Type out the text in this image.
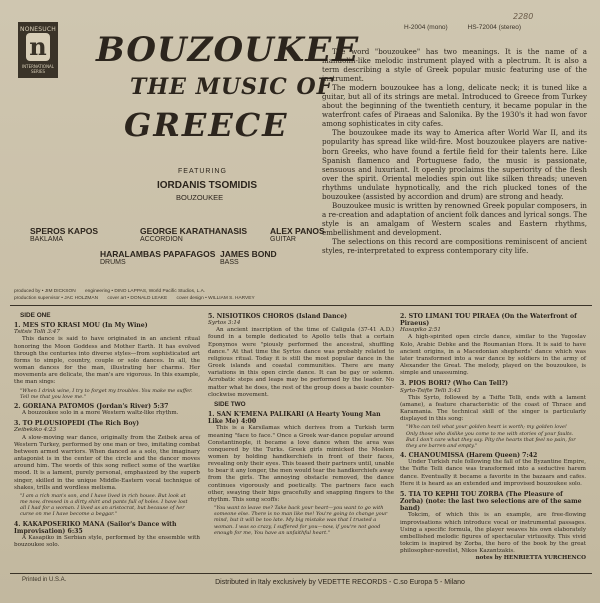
2280
NONESUCH
n
INTERNATIONAL SERIES
H-2004 (mono)	HS-72004 (stereo)
BOUZOUKEE
THE MUSIC OF
GREECE
FEATURING
IORDANIS TSOMIDIS
BOUZOUKEE
SPEROS KAPOS
BAKLAMA
GEORGE KARATHANASIS
ACCORDION
ALEX PANOS
GUITAR
HARALAMBAS PAPAFAGOS
DRUMS
JAMES BOND
BASS

The word "bouzoukee" has two meanings. It is the name of a mandolin-like melodic instrument played with a plectrum. It is also a term describing a style of Greek popular music featuring use of the instrument.

The modern bouzoukee has a long, delicate neck; it is tuned like a guitar, but all of its strings are metal. Introduced to Greece from Turkey about the beginning of the twentieth century, it became popular in the waterfront cafes of Piraeas and Salonika. By the 1930's it had won favor among sophisticates in city cafes.

The bouzoukee made its way to America after World War II, and its popularity has spread like wild-fire. Most bouzoukee players are native-born Greeks, who have found a fertile field for their talents here. Like Spanish flamenco and Portuguese fado, the music is passionate, sensuous and luxuriant. It openly proclaims the superiority of the flesh over the spirit. Oriental melodies spin out like silken threads; uneven rhythms undulate hypnotically, and the rich plucked tones of the bouzoukee (assisted by accordion and drum) are strong and heady.

Bouzoukee music is written by renowned Greek popular composers, in a re-creation and adaptation of ancient folk dances and lyrical songs. The style is an amalgam of Western scales and Eastern rhythms, embellishment and development.

The selections on this record are compositions reminiscent of ancient styles, re-interpretated to express contemporary city life.

produced by • JIM DICKSON engineering • DINO LAPPAS, World Pacific Studios, L.A.
production supervisor • JAC HOLZMAN cover art • DONALD LEAKE cover design • WILLIAM S. HARVEY
SIDE ONE
1. MES STO KRASI MOU (In My Wine)
Tsitsis Tolli 3:47
This dance is said to have originated in an ancient ritual honoring the Moon Goddess and Mother Earth. It has evolved through the centuries into diverse styles—from sophisticated art forms to simple, country, couple or solo dances. In all, the woman dances for the man, illustrating her charms. Her movements are delicate, the man's are vigorous. In this example, the man sings:
"When I drink wine, I try to forget my troubles. You make me suffer. Tell me that you love me."
2. GORIANA PATOMOS (Jordan's River) 5:37
A bouzoukee solo in a more Western waltz-like rhythm.
3. TO PLOUSIOPEDI (The Rich Boy)
Zeibekiko 4:23
A slow-moving war dance, originally from the Zeibek area of Western Turkey, performed by one man or two, imitating combat between armed warriors. When danced as a solo, the imaginary antagonist is in the center of the circle and the dancer moves around him. The words of this song reflect some of the warlike mood. It is a lament, purely personal, emphasized by the superb singer, skilled in the unique Middle-Eastern vocal technique of shakes, trills and wordless melisma.
"I am a rich man's son, and I have lived in rich house. But look at me now, dressed in a dirty shirt and pants full of holes. I have lost all I had for a woman. I lived as an aristocrat, but because of her curse on me I have become a beggar."
4. KAKAPOSERIKO MANA (Sailor's Dance with Improvisation) 6:35
A Kasapiko in Serbian style, performed by the ensemble with bouzoukee solo.
5. NISIOTIKOS CHOROS (Island Dance)
Syrtos 3:14
An ancient inscription of the time of Caligula (37-41 A.D.) found in a temple dedicated to Apollo tells that a certain Eponymos were "piously performed the ancestral, shuffling dance." At that time the Syrtos dance was probably related to religious ritual. Today it is still the most popular dance in the Greek islands and coastal communities. There are many variations in this open circle dance. It can be gay or solemn. Acrobatic steps and leaps may be performed by the leader. No matter what he does, the rest of the group does a basic counter-clockwise movement.
SIDE TWO
1. SAN K'EMENA PALIKARI (A Hearty Young Man Like Me) 4:00
This is a Karsilamas which derives from a Turkish term meaning "face to face." Once a Greek war-dance popular around Constantinople, it became a love dance when the area was conquered by the Turks. Greek girls mimicked the Moslem women by holding handkerchiefs in front of their faces, revealing only their eyes. This teased their partners until, unable to bear it any longer, the men would tear the handkerchiefs away from the girls. The annoying obstacle removed, the dance continues vigorously and poetically. The partners face each other, swaying their hips gracefully and snapping fingers to the rhythm. This song scoffs:
"You want to leave me? Take back your heart—you want to go with someone else. There is no man like me! You're going to change your mind, but it will be too late. My big mistake was that I trusted a woman. I was so crazy, I suffered for you—now, if you're not good enough for me, You have an unfaithful heart."
2. STO LIMANI TOU PIRAEA (On the Waterfront of Piraeus)
Hasapiko 2:51
A high-spirited open circle dance, similar to the Yugoslav Kolo, Arabic Debke and the Roumanian Hora. It is said to have ancient origins, in a Macedonian shepherds' dance which was later transformed into a war dance by soldiers in the army of Alexander the Great. The melody, played on the bouzoukee, is simple and unassuming.
3. PIOS BORI? (Who Can Tell?)
Syrto-Tsifte Telli 3:43
This Syrto, followed by a Tsifte Telli, ends with a lament (amane), a feature characteristic of the coast of Thrace and Karamania. The technical skill of the singer is particularly displayed in this song:
"Who can tell what your golden heart is worth; my golden love! Only those who dislike you come to me with stories of your faults. But I don't care what they say. Pity the hearts that feel no pain, for they are barren and empty."
4. CHANOUMISSA (Harem Queen) 7:42
Under Turkish rule following the fall of the Byzantine Empire, the Tsifte Telli dance was transformed into a seductive harem dance. Eventually it became a favorite in the bazaars and cafes. Here it is heard as an extended and improvised bouzoukee solo.
5. TIA TO KEPHI TOU ZORBA (The Pleasure of Zorba) (note: the last two selections are of the same band)
Tokcim, of which this is an example, are free-flowing improvisations which introduce vocal or instrumental passages. Using a specific formula, the player weaves his own elaborately embellished melodic figures of spectacular virtuosity. This vivid tokcim is inspired by Zorba, the hero of the book by the great philosopher-novelist, Nikos Kazantzakis.
notes by HENRIETTA YURCHENCO
Printed in U.S.A.	Distributed in Italy exclusively by VEDETTE RECORDS - C.so Europa 5 - Milano
